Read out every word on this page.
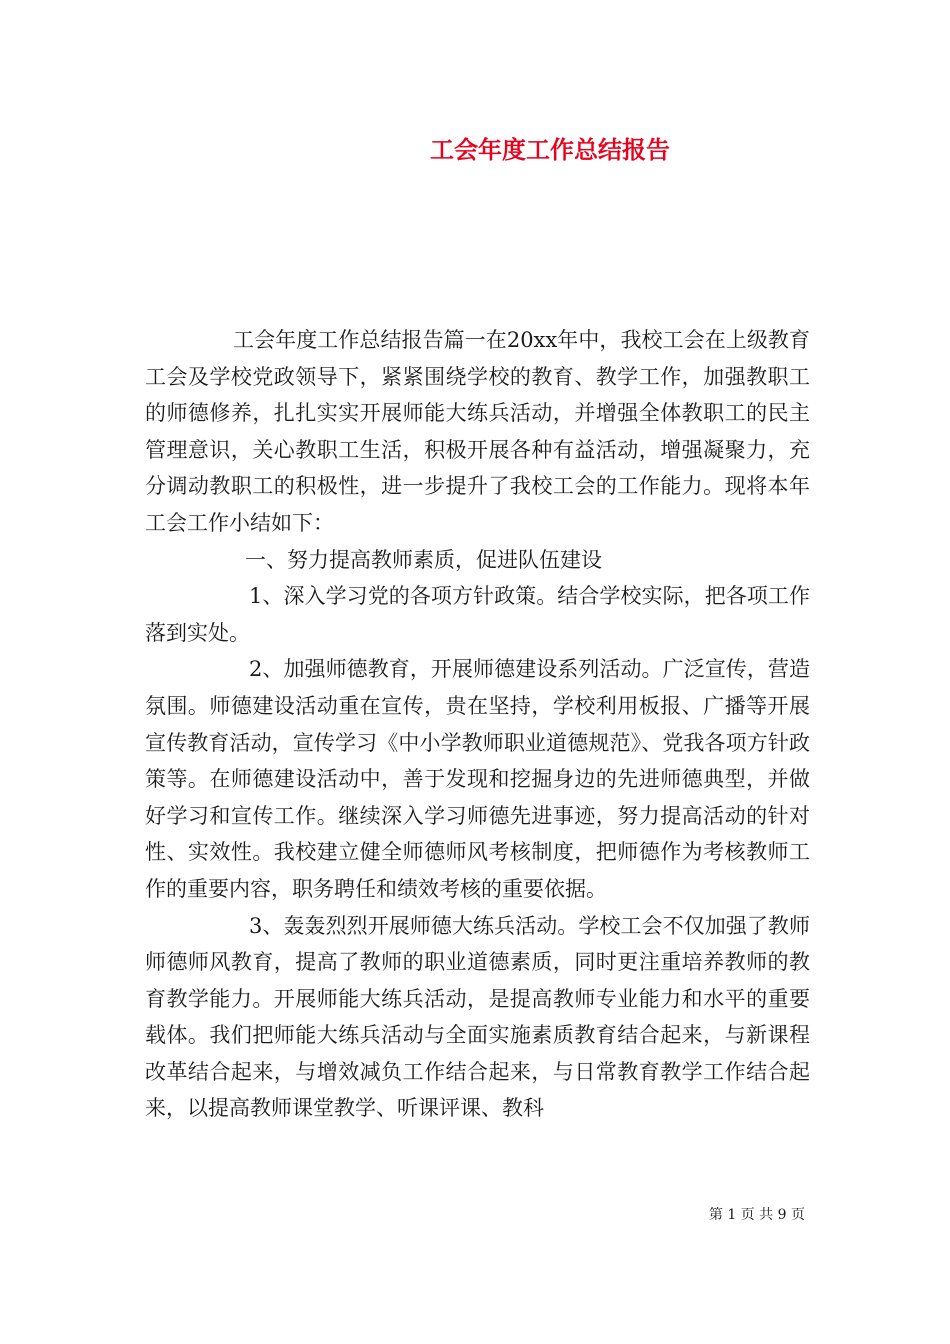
工会年度工作总结报告

工会年度工作总结报告篇一在20xx年中，我校工会在上级教育工会及学校党政领导下，紧紧围绕学校的教育、教学工作，加强教职工的师德修养，扎扎实实开展师能大练兵活动，并增强全体教职工的民主管理意识，关心教职工生活，积极开展各种有益活动，增强凝聚力，充分调动教职工的积极性，进一步提升了我校工会的工作能力。现将本年工会工作小结如下：

一、努力提高教师素质，促进队伍建设

1、深入学习党的各项方针政策。结合学校实际，把各项工作落到实处。

2、加强师德教育，开展师德建设系列活动。广泛宣传，营造氛围。师德建设活动重在宣传，贵在坚持，学校利用板报、广播等开展宣传教育活动，宣传学习《中小学教师职业道德规范》、党我各项方针政策等。在师德建设活动中，善于发现和挖掘身边的先进师德典型，并做好学习和宣传工作。继续深入学习师德先进事迹，努力提高活动的针对性、实效性。我校建立健全师德师风考核制度，把师德作为考核教师工作的重要内容，职务聘任和绩效考核的重要依据。

3、轰轰烈烈开展师德大练兵活动。学校工会不仅加强了教师师德师风教育，提高了教师的职业道德素质，同时更注重培养教师的教育教学能力。开展师能大练兵活动，是提高教师专业能力和水平的重要载体。我们把师能大练兵活动与全面实施素质教育结合起来，与新课程改革结合起来，与增效减负工作结合起来，与日常教育教学工作结合起来，以提高教师课堂教学、听课评课、教科

第 1 页 共 9 页
